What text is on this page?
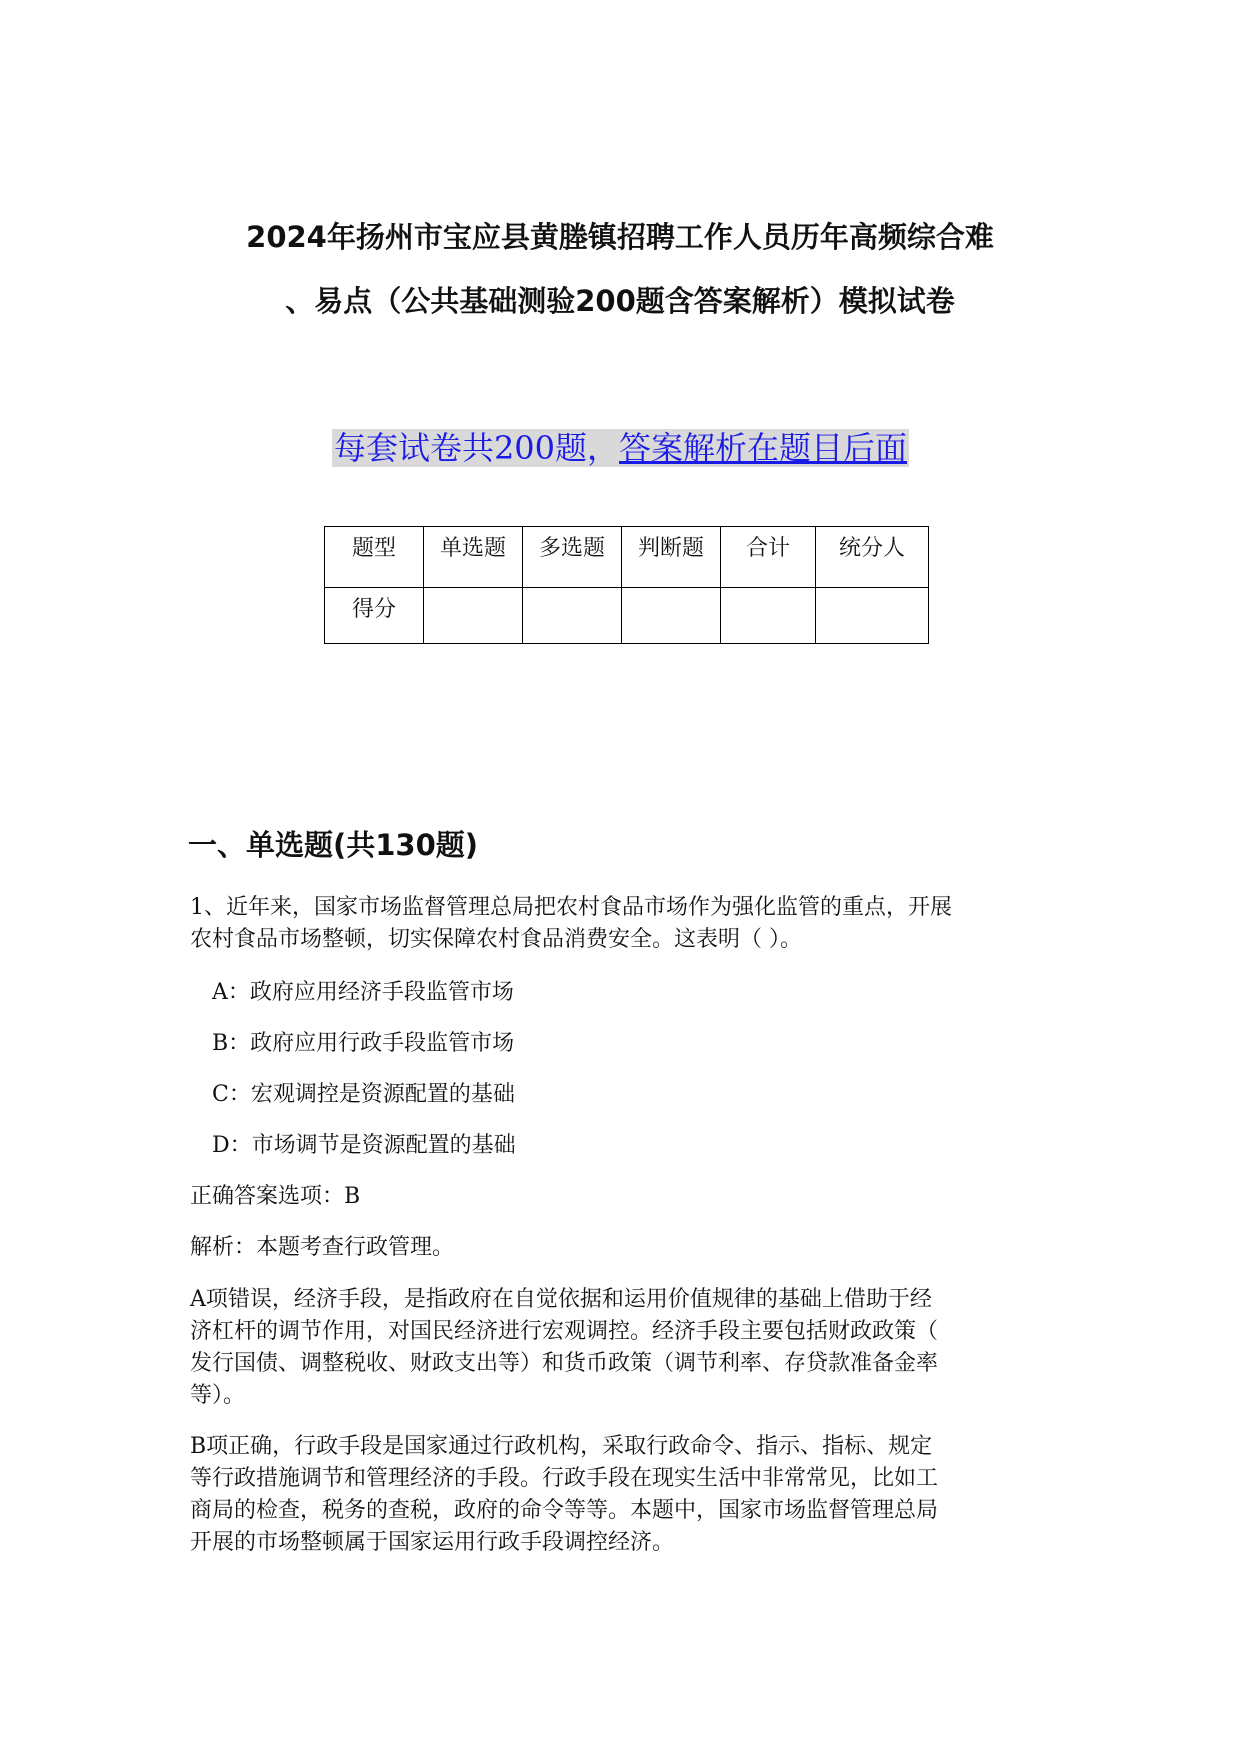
2024年扬州市宝应县黄塍镇招聘工作人员历年高频综合难
、易点（公共基础测验200题含答案解析）模拟试卷
每套试卷共200题，答案解析在题目后面
题型	单选题	多选题	判断题	合计	统分人
得分					
一、单选题(共130题)

1、近年来，国家市场监督管理总局把农村食品市场作为强化监管的重点，开展
农村食品市场整顿，切实保障农村食品消费安全。这表明（ ）。

A：政府应用经济手段监管市场

B：政府应用行政手段监管市场

C：宏观调控是资源配置的基础

D：市场调节是资源配置的基础

正确答案选项：B

解析：本题考查行政管理。

A项错误，经济手段，是指政府在自觉依据和运用价值规律的基础上借助于经
济杠杆的调节作用，对国民经济进行宏观调控。经济手段主要包括财政政策（
发行国债、调整税收、财政支出等）和货币政策（调节利率、存贷款准备金率
等）。

B项正确，行政手段是国家通过行政机构，采取行政命令、指示、指标、规定
等行政措施调节和管理经济的手段。行政手段在现实生活中非常常见，比如工
商局的检查，税务的查税，政府的命令等等。本题中，国家市场监督管理总局
开展的市场整顿属于国家运用行政手段调控经济。
